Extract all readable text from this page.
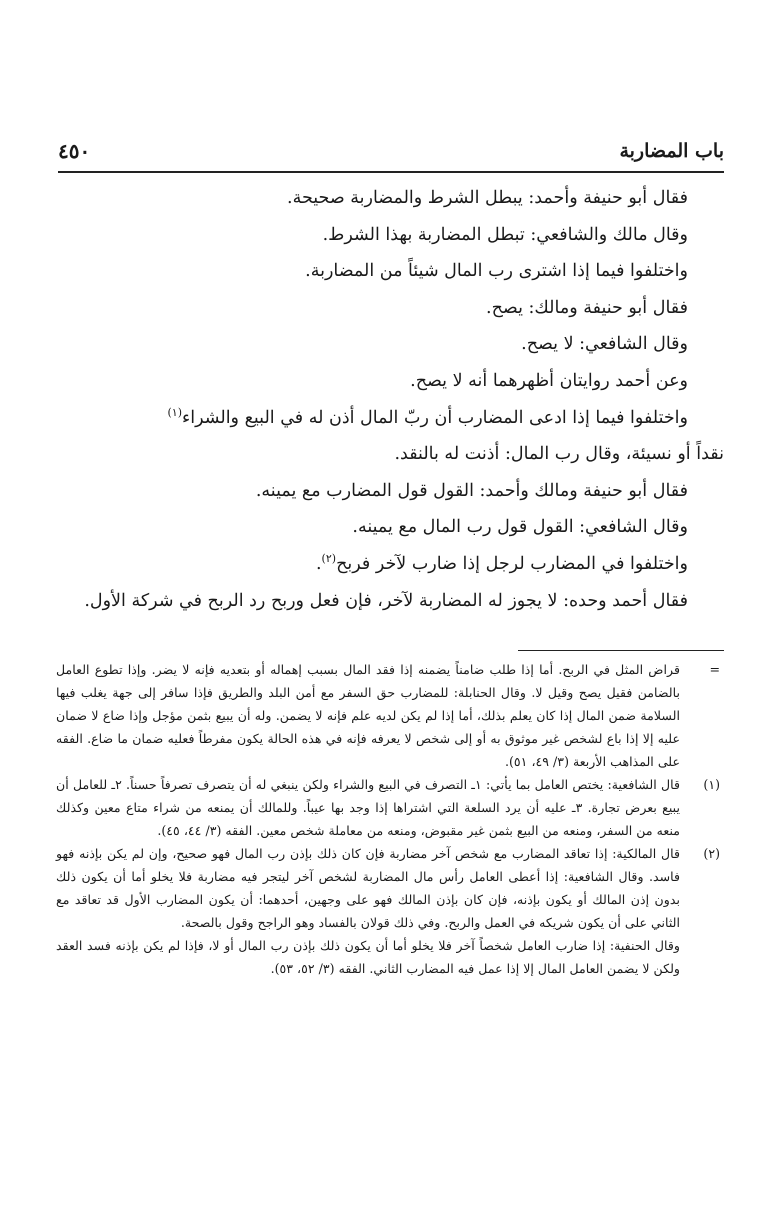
باب المضاربة
٤٥٠

فقال أبو حنيفة وأحمد: يبطل الشرط والمضاربة صحيحة.

وقال مالك والشافعي: تبطل المضاربة بهذا الشرط.

واختلفوا فيما إذا اشترى رب المال شيئاً من المضاربة.

فقال أبو حنيفة ومالك: يصح.

وقال الشافعي: لا يصح.

وعن أحمد روايتان أظهرهما أنه لا يصح.

واختلفوا فيما إذا ادعى المضارب أن ربّ المال أذن له في البيع والشراء$^{(١)}$

نقداً أو نسيئة، وقال رب المال: أذنت له بالنقد.

فقال أبو حنيفة ومالك وأحمد: القول قول المضارب مع يمينه.

وقال الشافعي: القول قول رب المال مع يمينه.

واختلفوا في المضارب لرجل إذا ضارب لآخر فربح$^{(٢)}$.

فقال أحمد وحده: لا يجوز له المضاربة لآخر، فإن فعل وربح رد الربح في شركة الأول.

=

قراض المثل في الربح. أما إذا طلب ضامناً يضمنه إذا فقد المال بسبب إهماله أو بتعديه فإنه لا يضر. وإذا تطوع العامل بالضامن فقيل يصح وقيل لا. وقال الحنابلة: للمضارب حق السفر مع أمن البلد والطريق فإذا سافر إلى جهة يغلب فيها السلامة ضمن المال إذا كان يعلم بذلك، أما إذا لم يكن لديه علم فإنه لا يضمن. وله أن يبيع بثمن مؤجل وإذا ضاع لا ضمان عليه إلا إذا باع لشخص غير موثوق به أو إلى شخص لا يعرفه فإنه في هذه الحالة يكون مفرطاً فعليه ضمان ما ضاع. الفقه على المذاهب الأربعة (٣/ ٤٩، ٥١).

(١)

قال الشافعية: يختص العامل بما يأتي: ١ـ التصرف في البيع والشراء ولكن ينبغي له أن يتصرف تصرفاً حسناً. ٢ـ للعامل أن يبيع بعرض تجارة. ٣ـ عليه أن يرد السلعة التي اشتراها إذا وجد بها عيباً. وللمالك أن يمنعه من شراء متاع معين وكذلك منعه من السفر، ومنعه من البيع بثمن غير مقبوض، ومنعه من معاملة شخص معين. الفقه (٣/ ٤٤، ٤٥).

(٢)

قال المالكية: إذا تعاقد المضارب مع شخص آخر مضاربة فإن كان ذلك بإذن رب المال فهو صحيح، وإن لم يكن بإذنه فهو فاسد. وقال الشافعية: إذا أعطى العامل رأس مال المضاربة لشخص آخر ليتجر فيه مضاربة فلا يخلو أما أن يكون ذلك بدون إذن المالك أو يكون بإذنه، فإن كان بإذن المالك فهو على وجهين، أحدهما: أن يكون المضارب الأول قد تعاقد مع الثاني على أن يكون شريكه في العمل والربح. وفي ذلك قولان بالفساد وهو الراجح وقول بالصحة.

وقال الحنفية: إذا ضارب العامل شخصاً آخر فلا يخلو أما أن يكون ذلك بإذن رب المال أو لا، فإذا لم يكن بإذنه فسد العقد ولكن لا يضمن العامل المال إلا إذا عمل فيه المضارب الثاني. الفقه (٣/ ٥٢، ٥٣).
